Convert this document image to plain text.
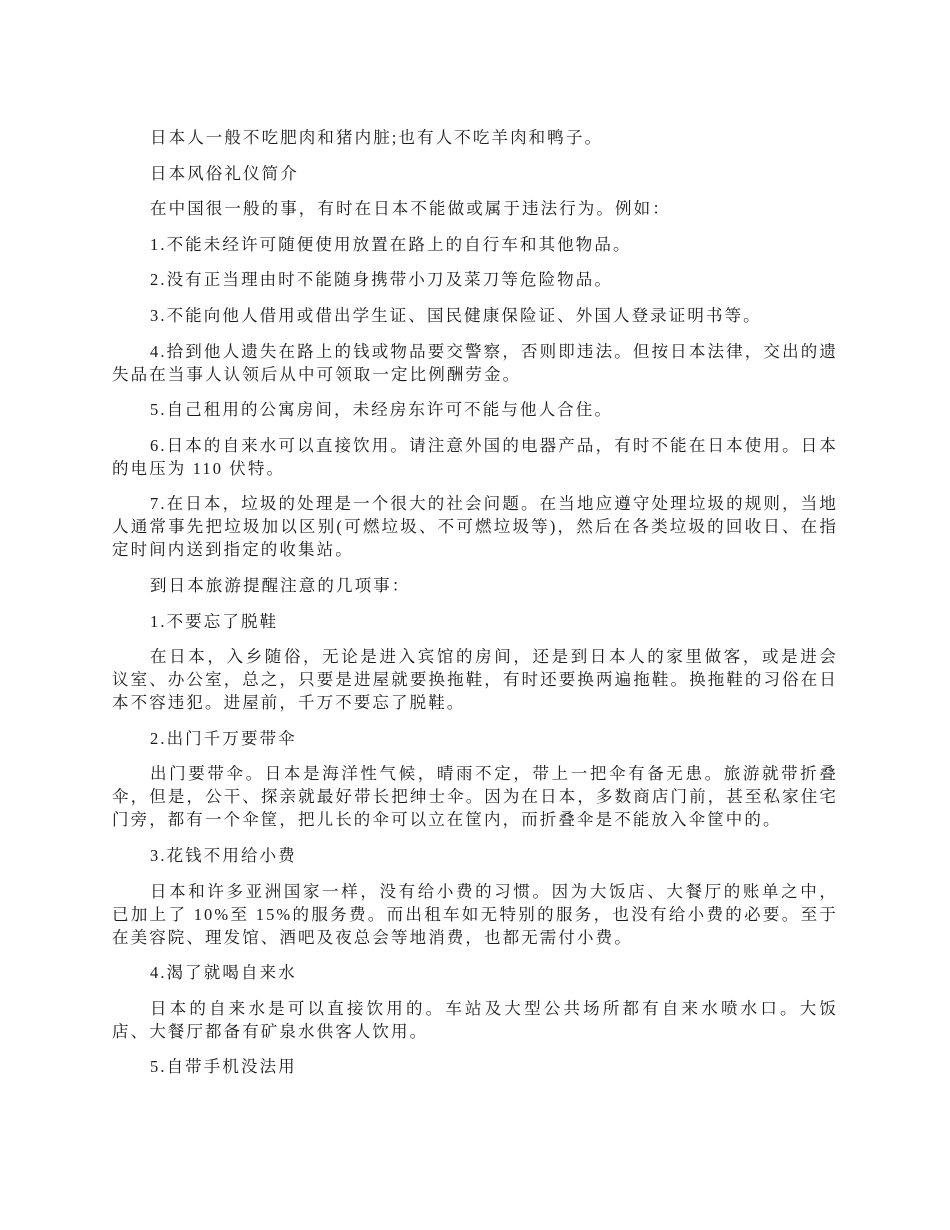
日本人一般不吃肥肉和猪内脏;也有人不吃羊肉和鸭子。

日本风俗礼仪简介

在中国很一般的事，有时在日本不能做或属于违法行为。例如：

1.不能未经许可随便使用放置在路上的自行车和其他物品。

2.没有正当理由时不能随身携带小刀及菜刀等危险物品。

3.不能向他人借用或借出学生证、国民健康保险证、外国人登录证明书等。

4.拾到他人遗失在路上的钱或物品要交警察，否则即违法。但按日本法律，交出的遗失品在当事人认领后从中可领取一定比例酬劳金。

5.自己租用的公寓房间，未经房东许可不能与他人合住。

6.日本的自来水可以直接饮用。请注意外国的电器产品，有时不能在日本使用。日本的电压为 110 伏特。

7.在日本，垃圾的处理是一个很大的社会问题。在当地应遵守处理垃圾的规则，当地人通常事先把垃圾加以区别(可燃垃圾、不可燃垃圾等)，然后在各类垃圾的回收日、在指定时间内送到指定的收集站。

到日本旅游提醒注意的几项事：

1.不要忘了脱鞋

在日本，入乡随俗，无论是进入宾馆的房间，还是到日本人的家里做客，或是进会议室、办公室，总之，只要是进屋就要换拖鞋，有时还要换两遍拖鞋。换拖鞋的习俗在日本不容违犯。进屋前，千万不要忘了脱鞋。

2.出门千万要带伞

出门要带伞。日本是海洋性气候，晴雨不定，带上一把伞有备无患。旅游就带折叠伞，但是，公干、探亲就最好带长把绅士伞。因为在日本，多数商店门前，甚至私家住宅门旁，都有一个伞筐，把儿长的伞可以立在筐内，而折叠伞是不能放入伞筐中的。

3.花钱不用给小费

日本和许多亚洲国家一样，没有给小费的习惯。因为大饭店、大餐厅的账单之中，已加上了 10%至 15%的服务费。而出租车如无特别的服务，也没有给小费的必要。至于在美容院、理发馆、酒吧及夜总会等地消费，也都无需付小费。

4.渴了就喝自来水

日本的自来水是可以直接饮用的。车站及大型公共场所都有自来水喷水口。大饭店、大餐厅都备有矿泉水供客人饮用。

5.自带手机没法用
